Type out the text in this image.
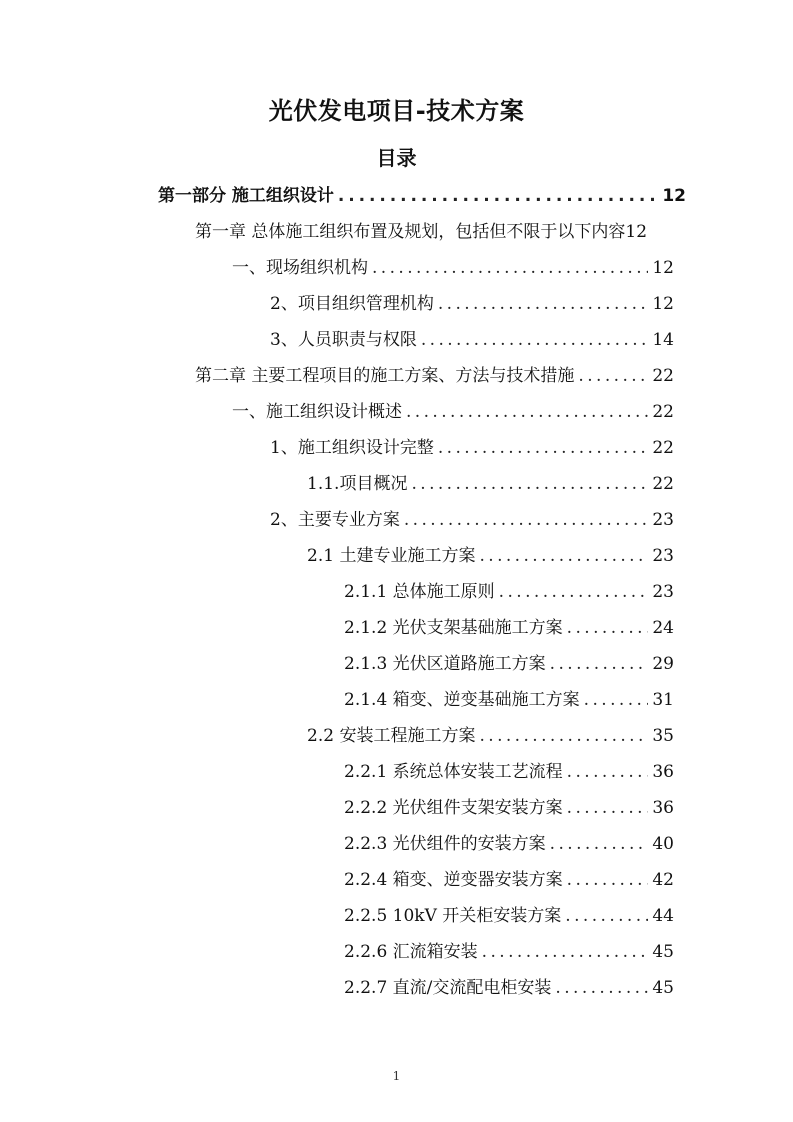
光伏发电项目-技术方案
目录
第一部分 施工组织设计 . . .	12
第一章 总体施工组织布置及规划，包括但不限于以下内容 12
一、现场组织机构 . . .	12
2、项目组织管理机构 . . .	12
3、人员职责与权限 . . .	14
第二章 主要工程项目的施工方案、方法与技术措施 . . .	22
一、施工组织设计概述 . . .	22
1、施工组织设计完整 . . .	22
1.1.项目概况 . . .	22
2、主要专业方案 . . .	23
2.1 土建专业施工方案 . . .	23
2.1.1 总体施工原则 . . .	23
2.1.2 光伏支架基础施工方案 . . .	24
2.1.3 光伏区道路施工方案 . . .	29
2.1.4 箱变、逆变基础施工方案 . . .	31
2.2 安装工程施工方案 . . .	35
2.2.1 系统总体安装工艺流程 . . .	36
2.2.2 光伏组件支架安装方案 . . .	36
2.2.3 光伏组件的安装方案 . . .	40
2.2.4 箱变、逆变器安装方案 . . .	42
2.2.5 10kV 开关柜安装方案 . . .	44
2.2.6 汇流箱安装 . . .	45
2.2.7 直流/交流配电柜安装 . . .	45
1
